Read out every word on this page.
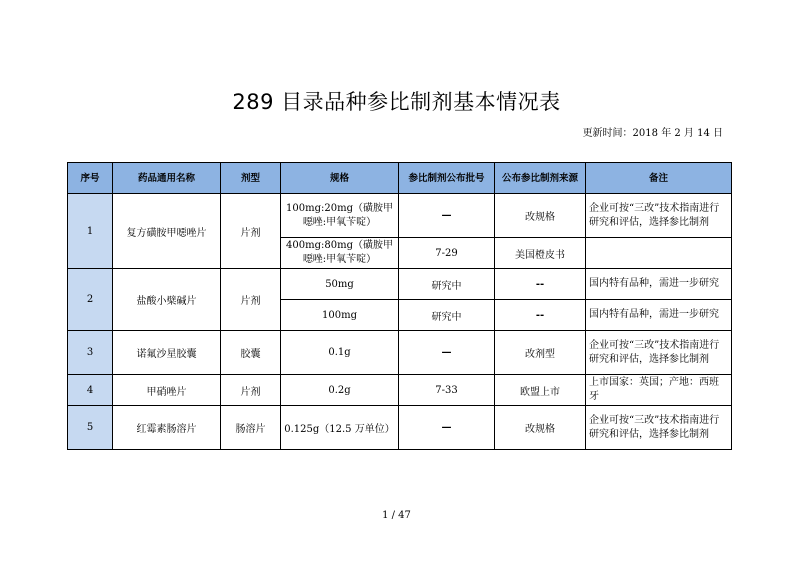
289 目录品种参比制剂基本情况表
更新时间：2018 年 2 月 14 日
序号	药品通用名称	剂型	规格	参比制剂公布批号	公布参比制剂来源	备注
1	复方磺胺甲噁唑片	片剂	100mg:20mg（磺胺甲噁唑:甲氧苄啶）	—	改规格	企业可按“三改”技术指南进行研究和评估，选择参比制剂
			400mg:80mg（磺胺甲噁唑:甲氧苄啶）	7-29	美国橙皮书	
2	盐酸小檗碱片	片剂	50mg	研究中	--	国内特有品种，需进一步研究
			100mg	研究中	--	国内特有品种，需进一步研究
3	诺氟沙星胶囊	胶囊	0.1g	—	改剂型	企业可按“三改”技术指南进行研究和评估，选择参比制剂
4	甲硝唑片	片剂	0.2g	7-33	欧盟上市	上市国家：英国；产地：西班牙
5	红霉素肠溶片	肠溶片	0.125g（12.5 万单位）	—	改规格	企业可按“三改”技术指南进行研究和评估，选择参比制剂
1 / 47
